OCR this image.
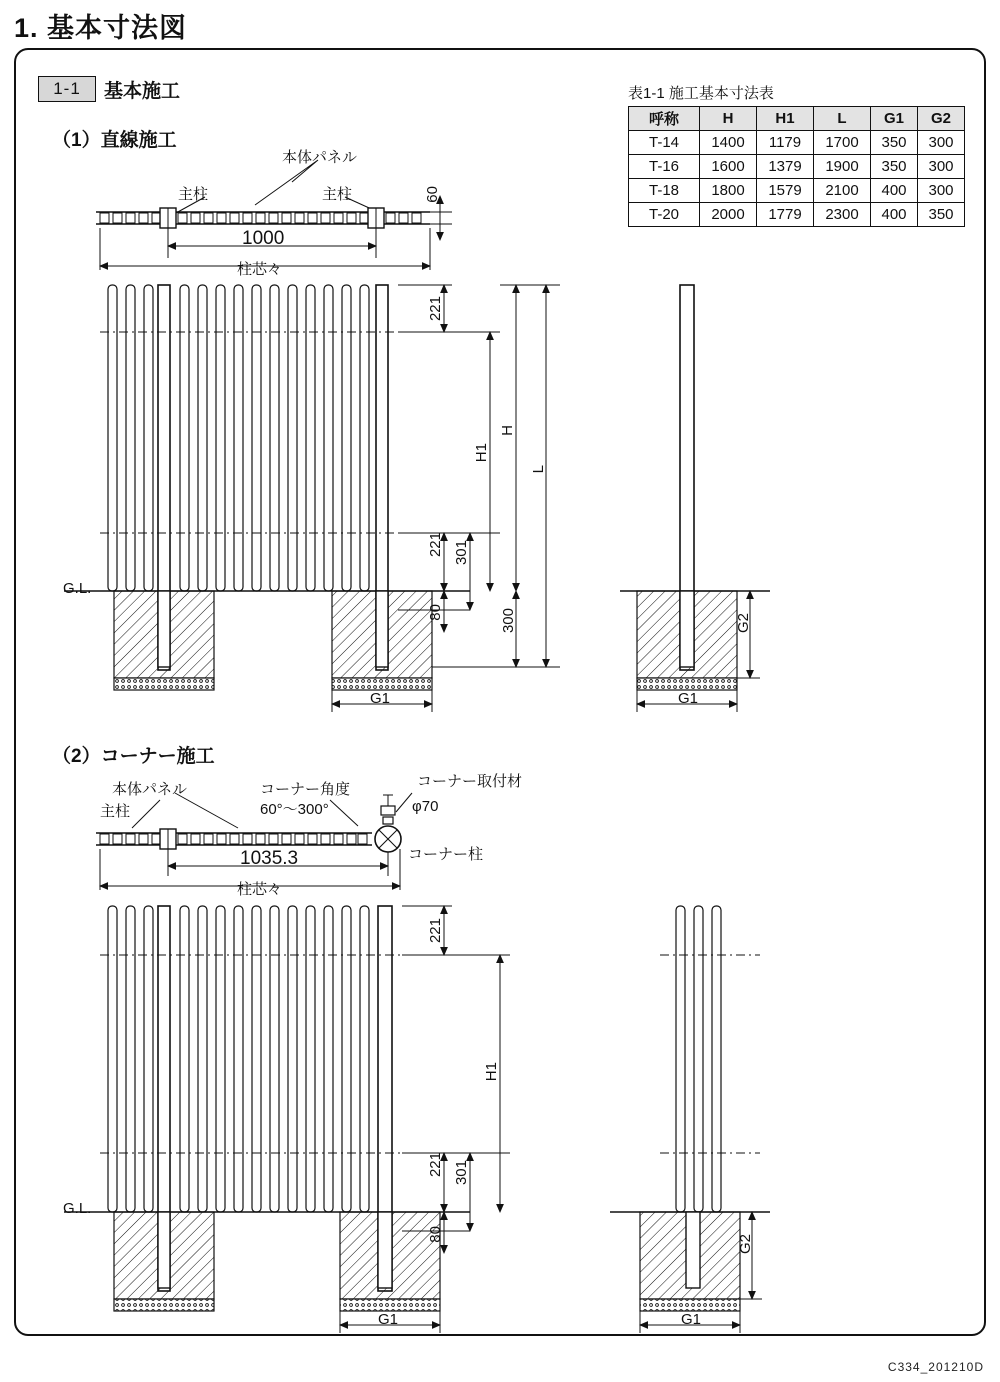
1. 基本寸法図
1-1	基本施工
（1）直線施工
（2）コーナー施工
表1-1 施工基本寸法表
呼称	H	H1	L	G1	G2
T-14	1400	1179	1700	350	300
T-16	1600	1379	1900	350	300
T-18	1800	1579	2100	400	300
T-20	2000	1779	2300	400	350
本体パネル
主柱	主柱
1000
柱芯々
60
G.L.
221
221 301
80
H1
H
L
300
G1	G1
G2
本体パネル
主柱
コーナー角度
60°〜300°
コーナー取付材
φ70
コーナー柱
1035.3
柱芯々
G.L.
221
221 301
80
H1
G1	G1
G2
C334_201210D
